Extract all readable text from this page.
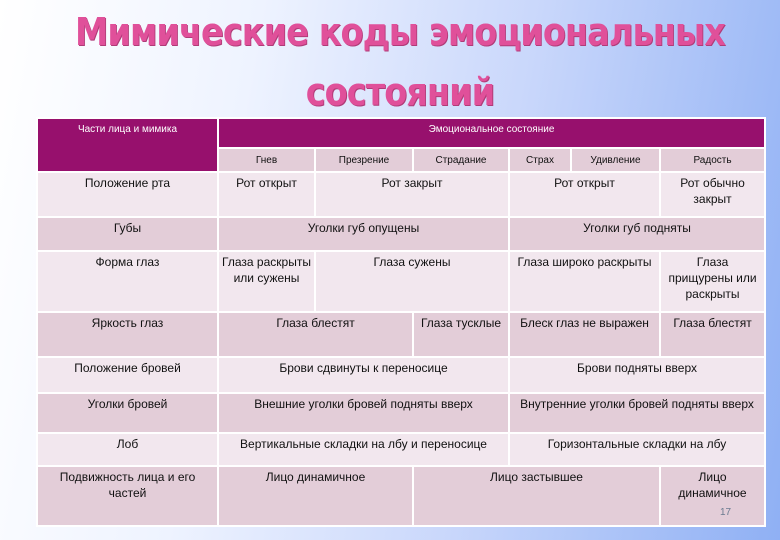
Мимические коды эмоциональных
состояний
Части лица и мимика	Эмоциональное состояние					
	Гнев	Презрение	Страдание	Страх	Удивление	Радость
Положение рта	Рот открыт	Рот закрыт		Рот открыт		Рот обычно закрыт
Губы	Уголки губ опущены			Уголки губ подняты		
Форма глаз	Глаза раскрыты или сужены	Глаза сужены		Глаза широко раскрыты		Глаза прищурены или раскрыты
Яркость глаз	Глаза блестят		Глаза тусклые	Блеск глаз не выражен		Глаза блестят
Положение бровей	Брови сдвинуты к переносице			Брови подняты вверх		
Уголки бровей	Внешние уголки бровей подняты вверх			Внутренние уголки бровей подняты вверх		
Лоб	Вертикальные складки на лбу и переносице			Горизонтальные складки на лбу		
Подвижность лица и его частей	Лицо динамичное		Лицо застывшее			Лицо динамичное
17
